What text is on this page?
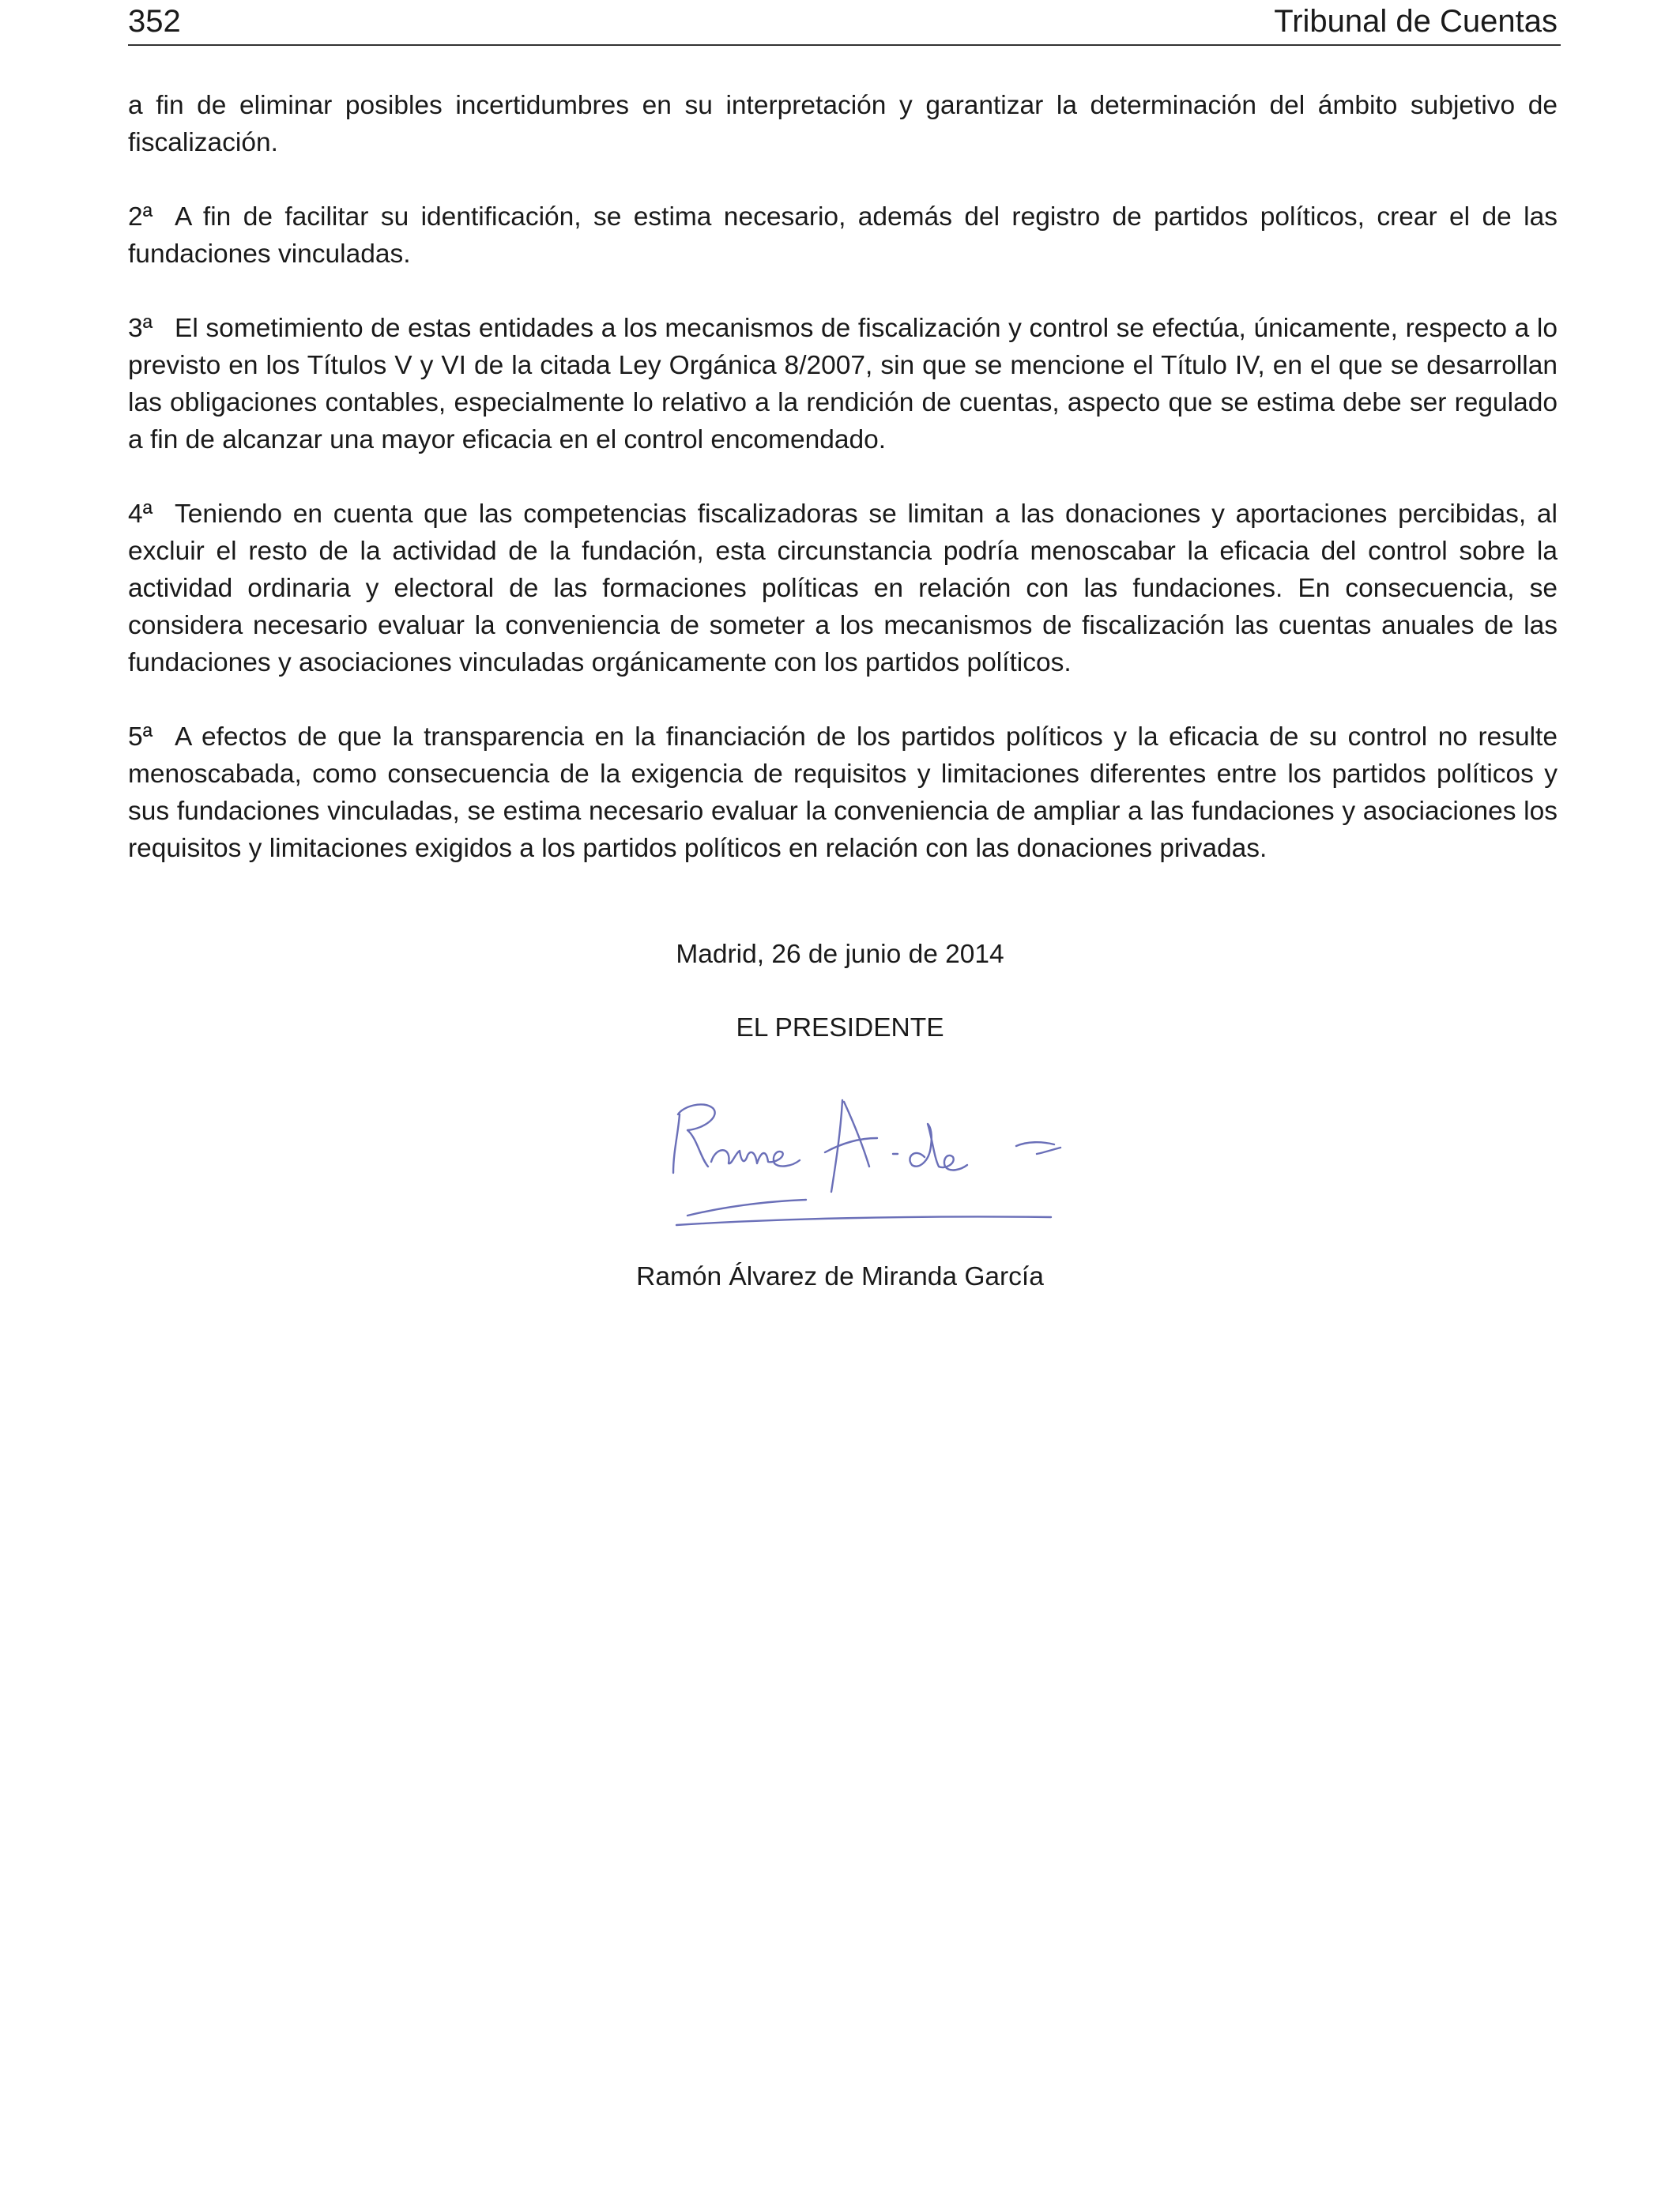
352	Tribunal de Cuentas

a fin de eliminar posibles incertidumbres en su interpretación y garantizar la determinación del ámbito subjetivo de fiscalización.

2ª A fin de facilitar su identificación, se estima necesario, además del registro de partidos políticos, crear el de las fundaciones vinculadas.

3ª El sometimiento de estas entidades a los mecanismos de fiscalización y control se efectúa, únicamente, respecto a lo previsto en los Títulos V y VI de la citada Ley Orgánica 8/2007, sin que se mencione el Título IV, en el que se desarrollan las obligaciones contables, especialmente lo relativo a la rendición de cuentas, aspecto que se estima debe ser regulado a fin de alcanzar una mayor eficacia en el control encomendado.

4ª Teniendo en cuenta que las competencias fiscalizadoras se limitan a las donaciones y aportaciones percibidas, al excluir el resto de la actividad de la fundación, esta circunstancia podría menoscabar la eficacia del control sobre la actividad ordinaria y electoral de las formaciones políticas en relación con las fundaciones. En consecuencia, se considera necesario evaluar la conveniencia de someter a los mecanismos de fiscalización las cuentas anuales de las fundaciones y asociaciones vinculadas orgánicamente con los partidos políticos.

5ª A efectos de que la transparencia en la financiación de los partidos políticos y la eficacia de su control no resulte menoscabada, como consecuencia de la exigencia de requisitos y limitaciones diferentes entre los partidos políticos y sus fundaciones vinculadas, se estima necesario evaluar la conveniencia de ampliar a las fundaciones y asociaciones los requisitos y limitaciones exigidos a los partidos políticos en relación con las donaciones privadas.

Madrid, 26 de junio de 2014
EL PRESIDENTE
Ramón Álvarez de Miranda García
